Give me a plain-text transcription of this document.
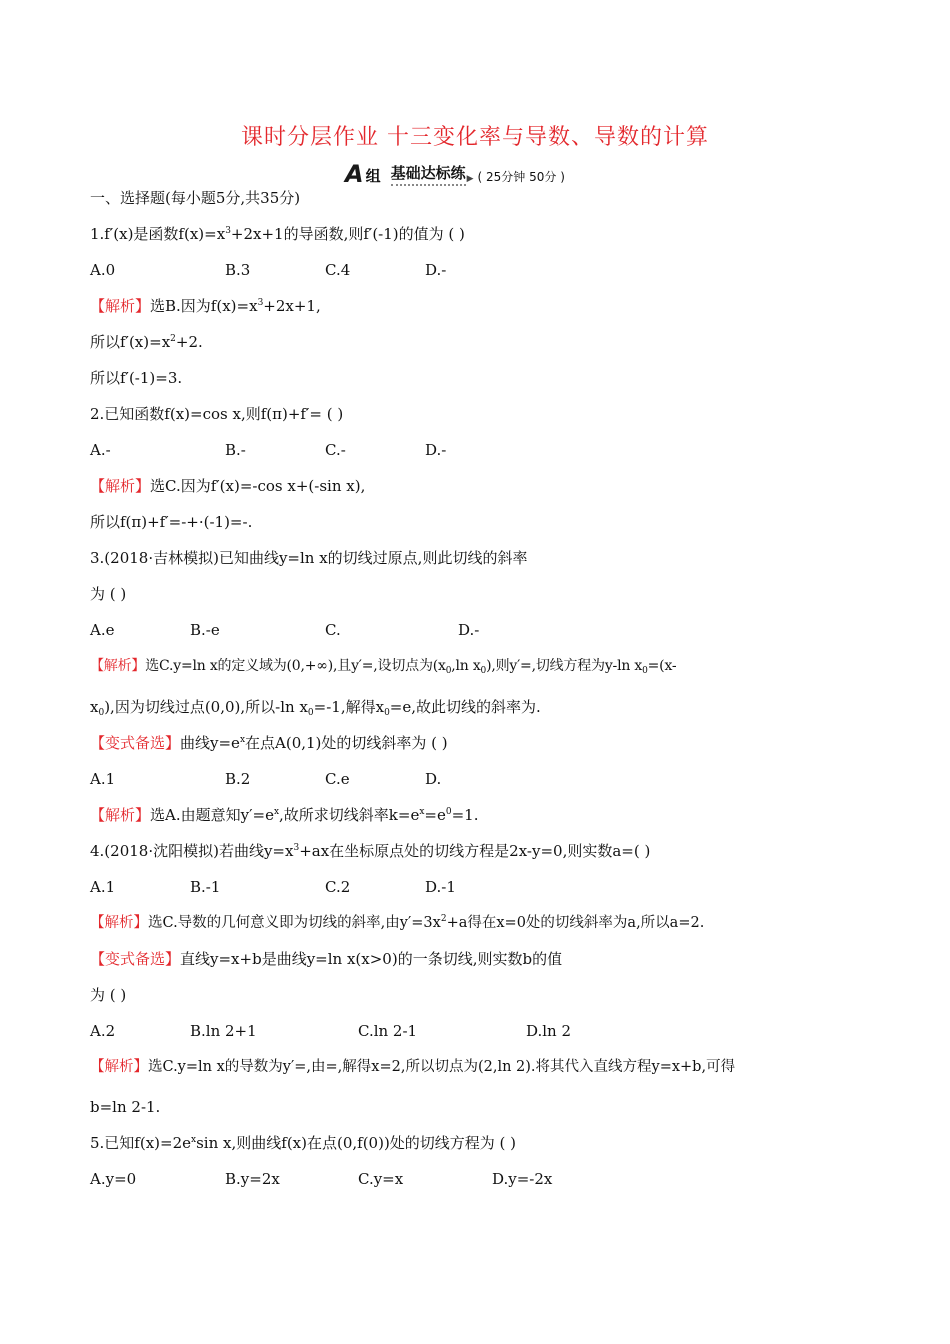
课时分层作业 十三变化率与导数、导数的计算
A 组 基础达标练 ▶ ( 25分钟 50分 )
一、选择题(每小题5分,共35分)
1.f′(x)是函数$f(x)=x^3+2x+1$的导函数,则f′(-1)的值为 ( )
A.0	B.3	C.4	D.-
【解析】选B.因为$f(x)=x^3+2x+1$,
所以$f'(x)=x^2+2$.
所以f′(-1)=3.
2.已知函数f(x)=cos x,则f(π)+f′= ( )
A.-	B.-	C.-	D.-
【解析】选C.因为f′(x)=-cos x+(-sin x),
所以f(π)+f′=-+·(-1)=-.
3.(2018·吉林模拟)已知曲线y=ln x的切线过原点,则此切线的斜率
为 ( )
A.e	B.-e	C.	D.-
【解析】选C.y=ln x的定义域为(0,+∞),且y′=,设切点为($x_0,\ln$ $x_0$),则y′=,切线方程为y-ln $x_0=(x-$
$x_0$),因为切线过点(0,0),所以-ln $x_0=-1$,解得$x_0=e$,故此切线的斜率为.
【变式备选】曲线$y=e^x$在点A(0,1)处的切线斜率为 ( )
A.1	B.2	C.e	D.
【解析】选A.由题意知$y'=e^x$,故所求切线斜率$k=e^x=e^0=1$.
4.(2018·沈阳模拟)若曲线$y=x^3+ax$在坐标原点处的切线方程是2x-y=0,则实数a=( )
A.1	B.-1	C.2	D.-1
【解析】选C.导数的几何意义即为切线的斜率,由$y'=3x^2+a$得在x=0处的切线斜率为a,所以a=2.
【变式备选】直线y=x+b是曲线y=ln x(x>0)的一条切线,则实数b的值
为 ( )
A.2	B.ln 2+1	C.ln 2-1	D.ln 2
【解析】选C.y=ln x的导数为y′=,由=,解得x=2,所以切点为(2,ln 2).将其代入直线方程y=x+b,可得
b=ln 2-1.
5.已知$f(x)=2e^x\sin$ x,则曲线f(x)在点(0,f(0))处的切线方程为 ( )
A.y=0	B.y=2x	C.y=x	D.y=-2x
